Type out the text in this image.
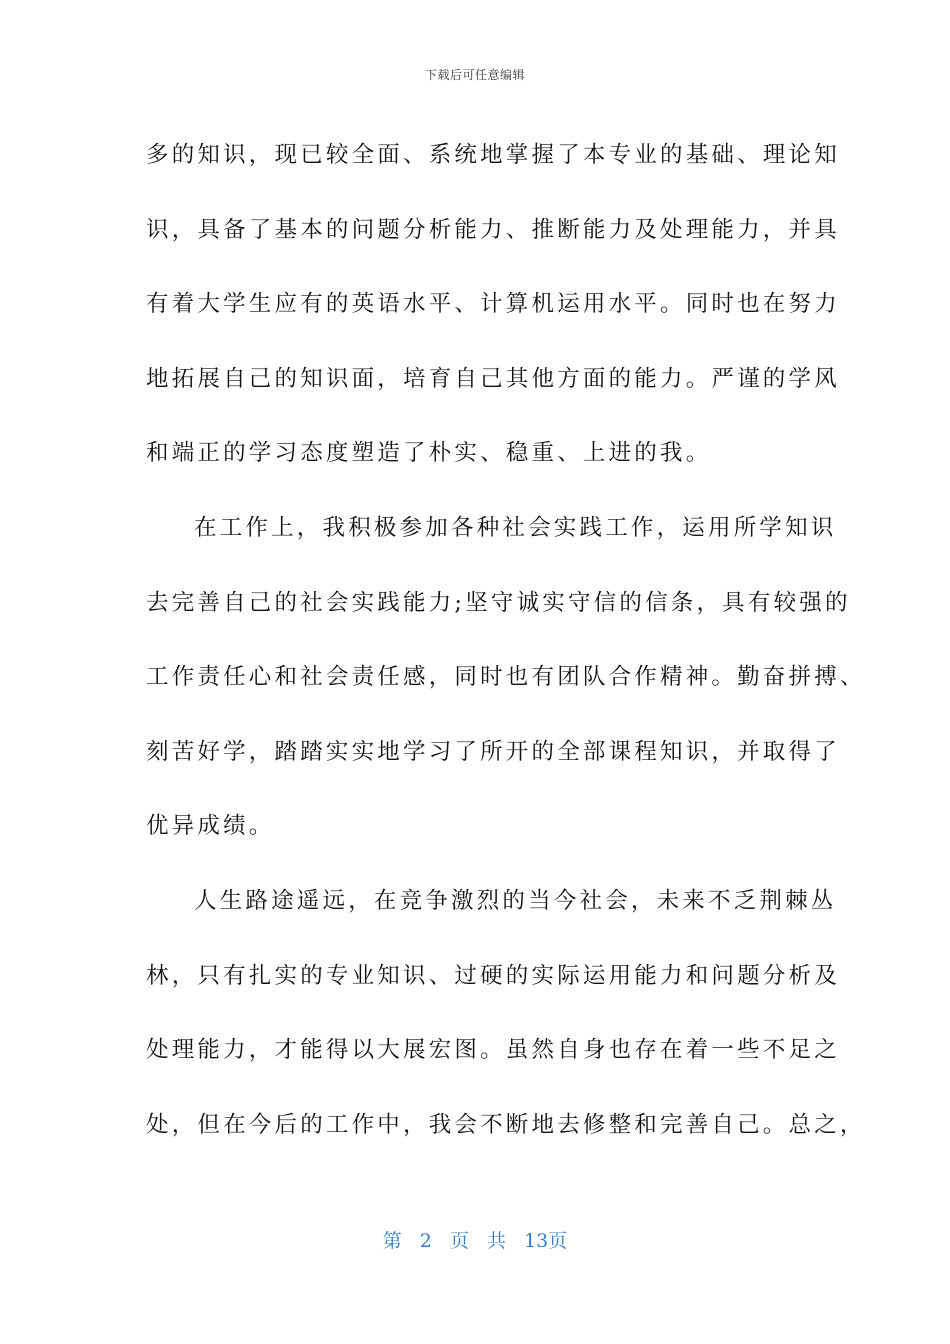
下载后可任意编辑
多的知识，现已较全面、系统地掌握了本专业的基础、理论知
识，具备了基本的问题分析能力、推断能力及处理能力，并具
有着大学生应有的英语水平、计算机运用水平。同时也在努力
地拓展自己的知识面，培育自己其他方面的能力。严谨的学风
和端正的学习态度塑造了朴实、稳重、上进的我。
在工作上，我积极参加各种社会实践工作，运用所学知识
去完善自己的社会实践能力;坚守诚实守信的信条，具有较强的
工作责任心和社会责任感，同时也有团队合作精神。勤奋拼搏、
刻苦好学，踏踏实实地学习了所开的全部课程知识，并取得了
优异成绩。
人生路途遥远，在竞争激烈的当今社会，未来不乏荆棘丛
林，只有扎实的专业知识、过硬的实际运用能力和问题分析及
处理能力，才能得以大展宏图。虽然自身也存在着一些不足之
处，但在今后的工作中，我会不断地去修整和完善自己。总之，
第 2 页 共 13页
